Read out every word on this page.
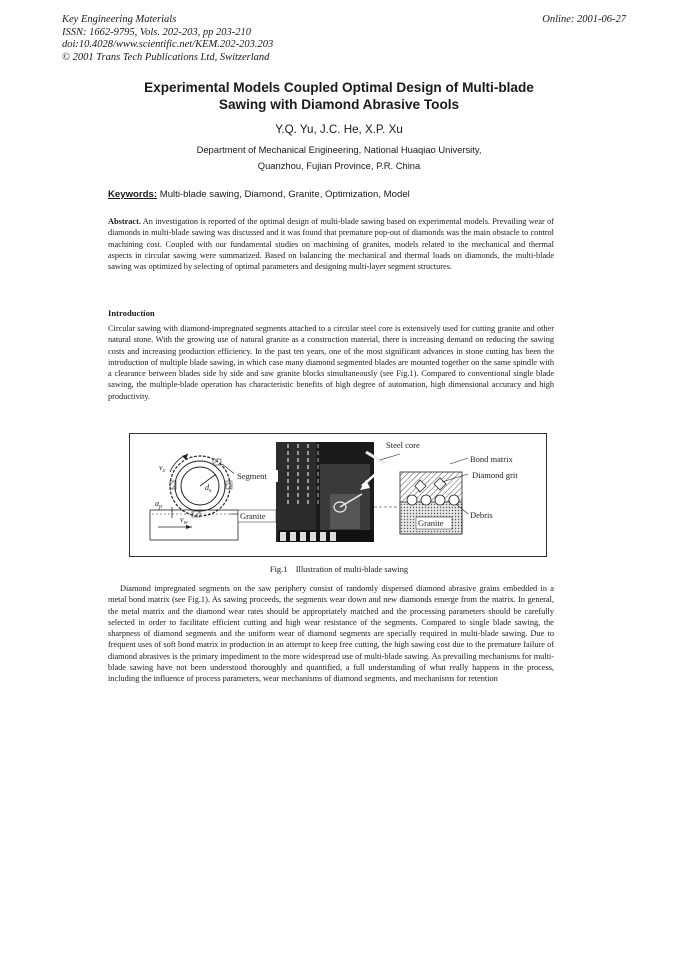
Key Engineering Materials
ISSN: 1662-9795, Vols. 202-203, pp 203-210
doi:10.4028/www.scientific.net/KEM.202-203.203
© 2001 Trans Tech Publications Ltd, Switzerland
Online: 2001-06-27
Experimental Models Coupled Optimal Design of Multi-blade
Sawing with Diamond Abrasive Tools
Y.Q. Yu, J.C. He, X.P. Xu
Department of Mechanical Engineering, National Huaqiao University,
Quanzhou, Fujian Province, P.R. China
Keywords: Multi-blade sawing, Diamond, Granite, Optimization, Model
Abstract. An investigation is reported of the optimal design of multi-blade sawing based on experimental models. Prevailing wear of diamonds in multi-blade sawing was discussed and it was found that premature pop-out of diamonds was the main obstacle to control machining cost. Coupled with our fundamental studies on machining of granites, models related to the mechanical and thermal aspects in circular sawing were summarized. Based on balancing the mechanical and thermal loads on diamonds, the multi-blade sawing was optimized by selecting of optimal parameters and designing multi-layer segment structures.
Introduction
Circular sawing with diamond-impregnated segments attached to a circular steel core is extensively used for cutting granite and other natural stone. With the growing use of natural granite as a construction material, there is increasing demand on reducing the sawing costs and increasing production efficiency. In the past ten years, one of the most significant advances in stone cutting has been the introduction of multiple blade sawing, in which case many diamond segmented blades are mounted together on the same spindle with a clearance between blades side by side and saw granite blocks simultaneously (see Fig.1). Compared to conventional single blade sawing, the multiple-blade operation has characteristic benefits of high degree of automation, high dimensional accuracy and high productivity.
$v_s$
$d_s$
$a_p$
$v_w$
Segment
Granite
Steel core
Bond matrix
Diamond grit
Debris
Granite
Fig.1    Illustration of multi-blade sawing
Diamond impregnated segments on the saw periphery consist of randomly dispersed diamond abrasive grains embedded in a metal bond matrix (see Fig.1). As sawing proceeds, the segments wear down and new diamonds emerge from the matrix. In general, the metal matrix and the diamond wear rates should be appropriately matched and the processing parameters should be carefully selected in order to facilitate efficient cutting and high wear resistance of the segments. Compared to single blade sawing, the sharpness of diamond segments and the uniform wear of diamond segments are specially required in multi-blade sawing. Due to frequent uses of soft bond matrix in production in an attempt to keep free cutting, the high sawing cost due to the premature failure of diamond abrasives is the primary impediment to the more widespread use of multi-blade sawing. As prevailing mechanisms for multi-blade sawing have not been understood thoroughly and quantified, a full understanding of what really happens in the process, including the influence of process parameters, wear mechanisms of diamond segments, and mechanisms for retention
